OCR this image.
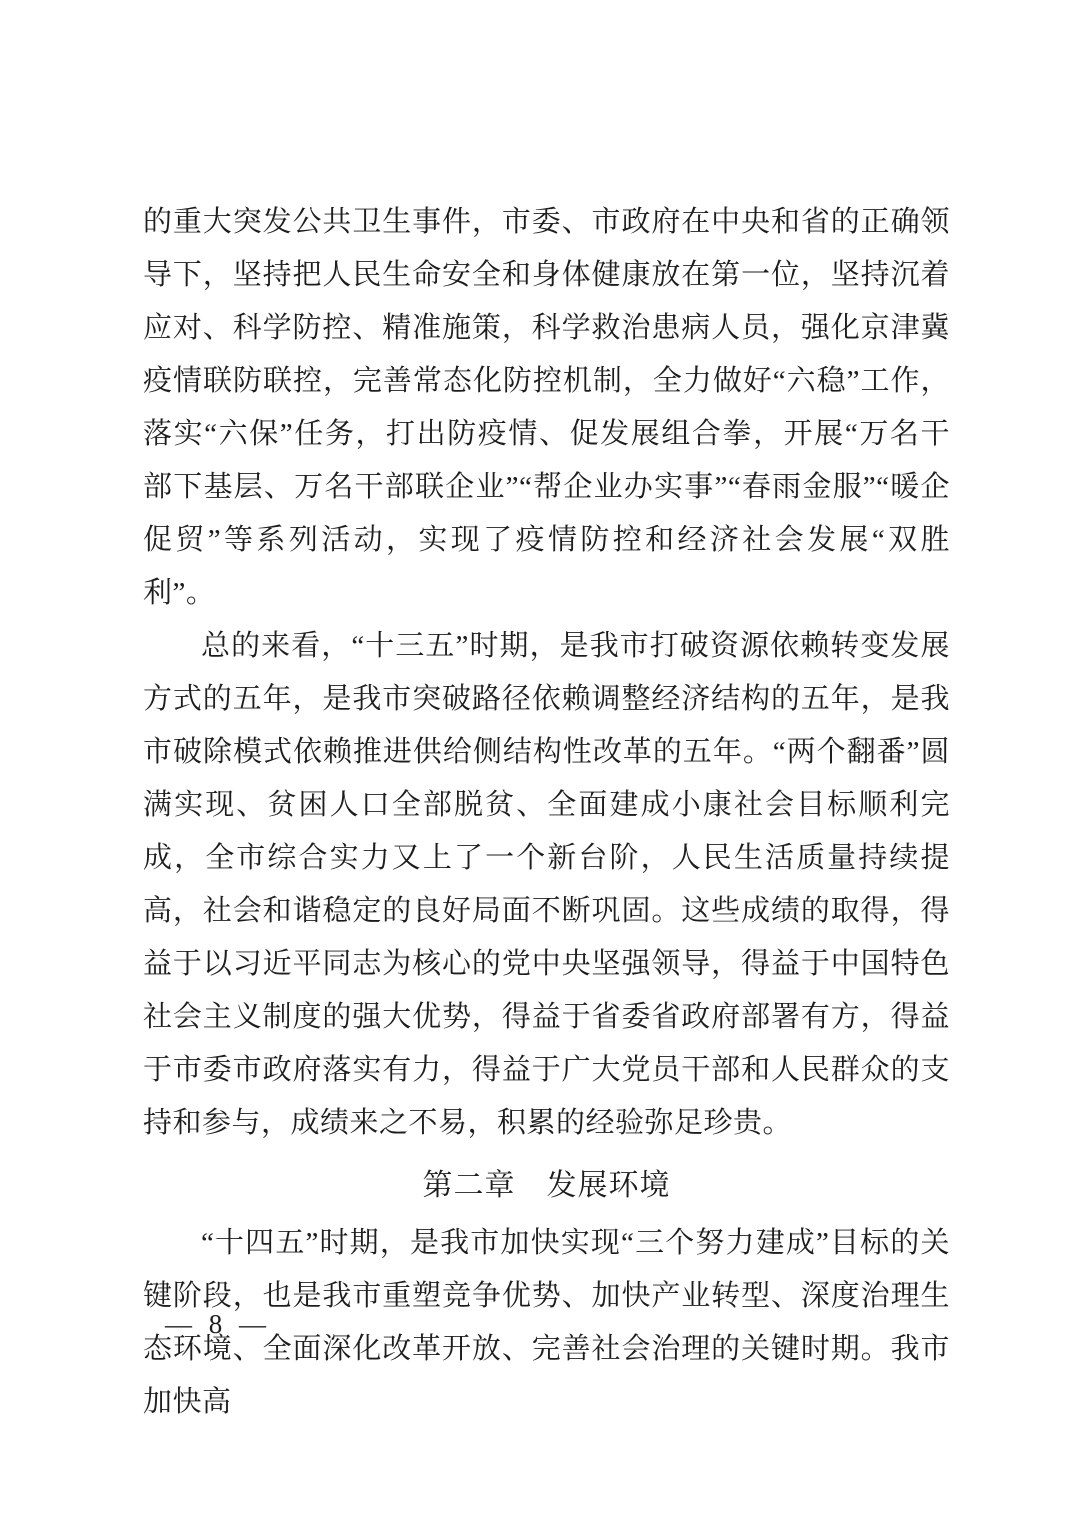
的重大突发公共卫生事件，市委、市政府在中央和省的正确领导下，坚持把人民生命安全和身体健康放在第一位，坚持沉着应对、科学防控、精准施策，科学救治患病人员，强化京津冀疫情联防联控，完善常态化防控机制，全力做好“六稳”工作，落实“六保”任务，打出防疫情、促发展组合拳，开展“万名干部下基层、万名干部联企业”“帮企业办实事”“春雨金服”“暖企促贸”等系列活动，实现了疫情防控和经济社会发展“双胜利”。

总的来看，“十三五”时期，是我市打破资源依赖转变发展方式的五年，是我市突破路径依赖调整经济结构的五年，是我市破除模式依赖推进供给侧结构性改革的五年。“两个翻番”圆满实现、贫困人口全部脱贫、全面建成小康社会目标顺利完成，全市综合实力又上了一个新台阶，人民生活质量持续提高，社会和谐稳定的良好局面不断巩固。这些成绩的取得，得益于以习近平同志为核心的党中央坚强领导，得益于中国特色社会主义制度的强大优势，得益于省委省政府部署有方，得益于市委市政府落实有力，得益于广大党员干部和人民群众的支持和参与，成绩来之不易，积累的经验弥足珍贵。

第二章　发展环境

“十四五”时期，是我市加快实现“三个努力建成”目标的关键阶段，也是我市重塑竞争优势、加快产业转型、深度治理生态环境、全面深化改革开放、完善社会治理的关键时期。我市加快高

— 8 —
